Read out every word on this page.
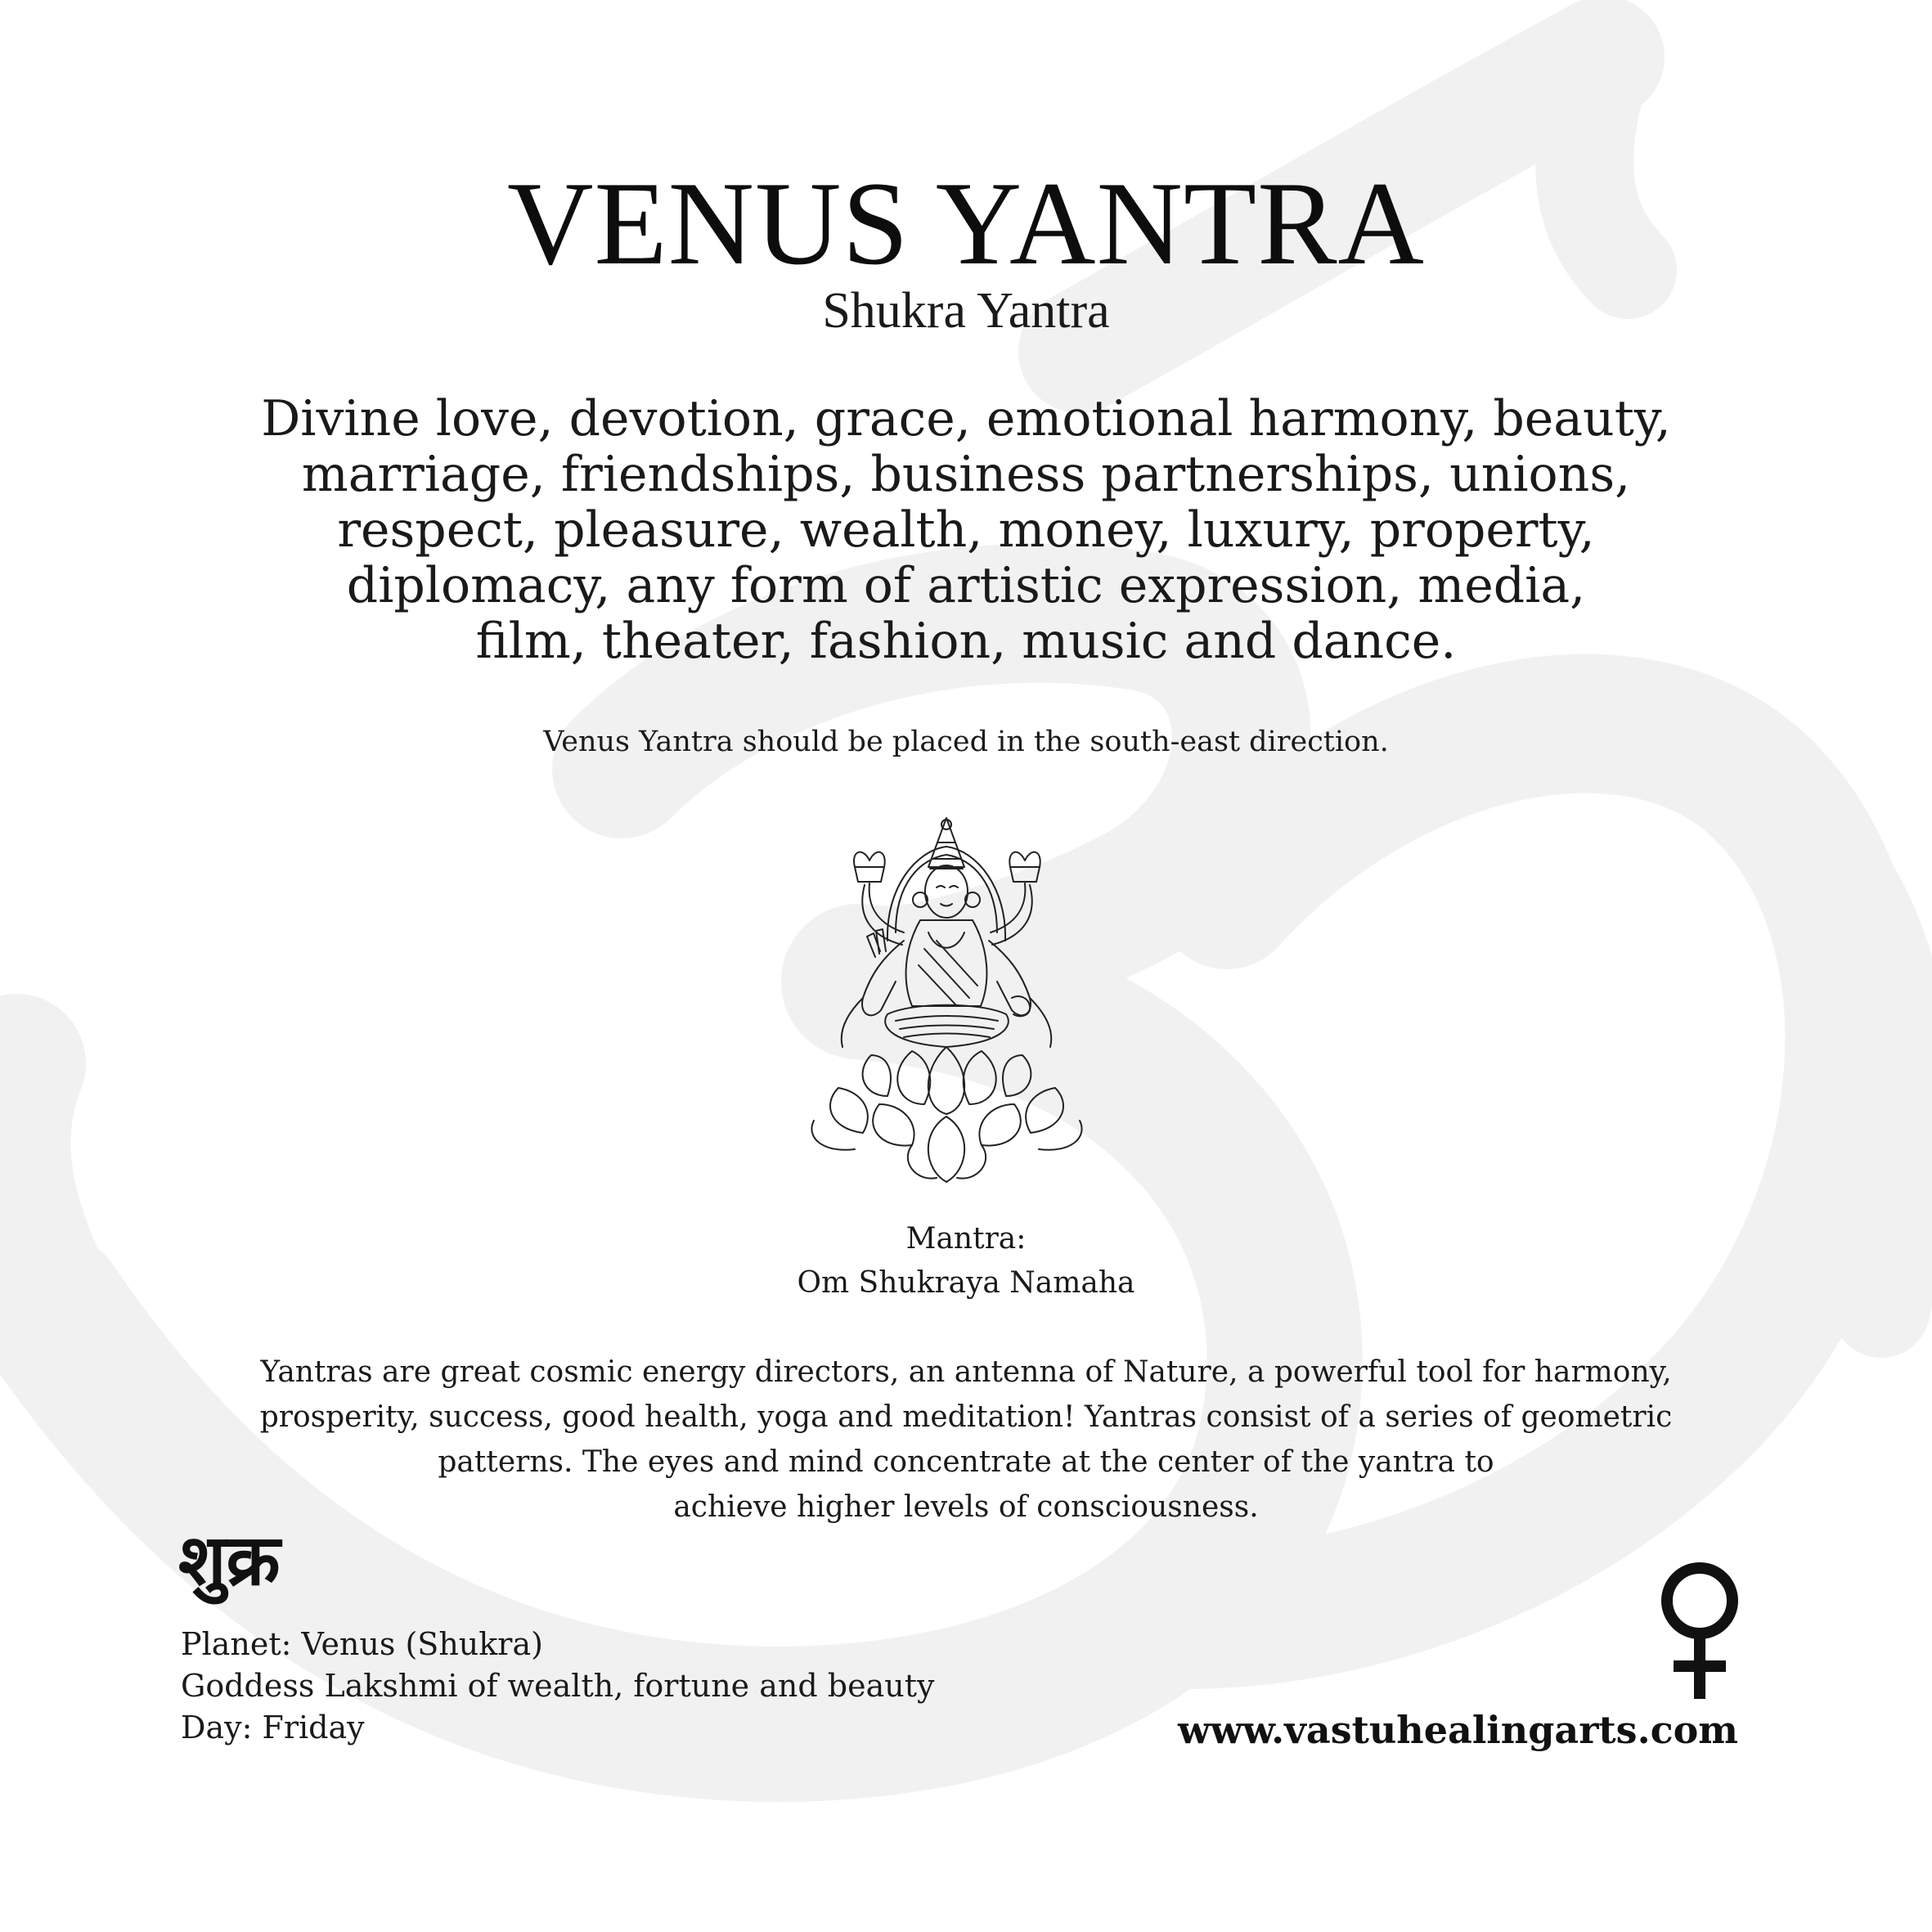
VENUS YANTRA
Shukra Yantra
Divine love, devotion, grace, emotional harmony, beauty,
marriage, friendships, business partnerships, unions,
respect, pleasure, wealth, money, luxury, property,
diplomacy, any form of artistic expression, media,
film, theater, fashion, music and dance.
Venus Yantra should be placed in the south-east direction.
Mantra:
Om Shukraya Namaha
Yantras are great cosmic energy directors, an antenna of Nature, a powerful tool for harmony,
prosperity, success, good health, yoga and meditation! Yantras consist of a series of geometric
patterns. The eyes and mind concentrate at the center of the yantra to
achieve higher levels of consciousness.
शुक्र
Planet: Venus (Shukra)
Goddess Lakshmi of wealth, fortune and beauty
Day: Friday	www.vastuhealingarts.com
